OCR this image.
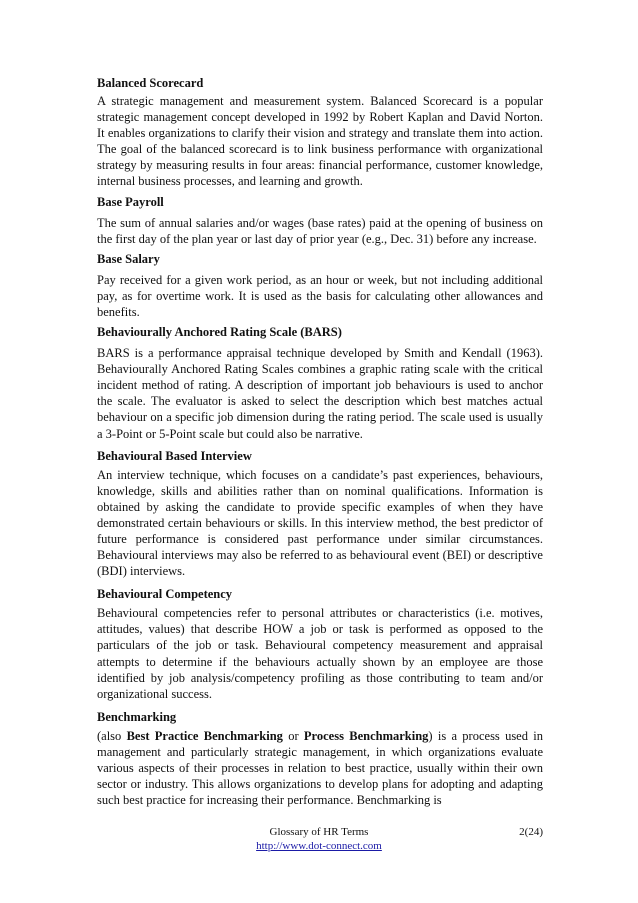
Balanced Scorecard

A strategic management and measurement system. Balanced Scorecard is a popular strategic management concept developed in 1992 by Robert Kaplan and David Norton. It enables organizations to clarify their vision and strategy and translate them into action. The goal of the balanced scorecard is to link business performance with organizational strategy by measuring results in four areas: financial performance, customer knowledge, internal business processes, and learning and growth.

Base Payroll

The sum of annual salaries and/or wages (base rates) paid at the opening of business on the first day of the plan year or last day of prior year (e.g., Dec. 31) before any increase.

Base Salary

Pay received for a given work period, as an hour or week, but not including additional pay, as for overtime work. It is used as the basis for calculating other allowances and benefits.

Behaviourally Anchored Rating Scale (BARS)

BARS is a performance appraisal technique developed by Smith and Kendall (1963). Behaviourally Anchored Rating Scales combines a graphic rating scale with the critical incident method of rating. A description of important job behaviours is used to anchor the scale. The evaluator is asked to select the description which best matches actual behaviour on a specific job dimension during the rating period. The scale used is usually a 3-Point or 5-Point scale but could also be narrative.

Behavioural Based Interview

An interview technique, which focuses on a candidate’s past experiences, behaviours, knowledge, skills and abilities rather than on nominal qualifications. Information is obtained by asking the candidate to provide specific examples of when they have demonstrated certain behaviours or skills. In this interview method, the best predictor of future performance is considered past performance under similar circumstances. Behavioural interviews may also be referred to as behavioural event (BEI) or descriptive (BDI) interviews.

Behavioural Competency

Behavioural competencies refer to personal attributes or characteristics (i.e. motives, attitudes, values) that describe HOW a job or task is performed as opposed to the particulars of the job or task. Behavioural competency measurement and appraisal attempts to determine if the behaviours actually shown by an employee are those identified by job analysis/competency profiling as those contributing to team and/or organizational success.

Benchmarking

(also Best Practice Benchmarking or Process Benchmarking) is a process used in management and particularly strategic management, in which organizations evaluate various aspects of their processes in relation to best practice, usually within their own sector or industry. This allows organizations to develop plans for adopting and adapting such best practice for increasing their performance. Benchmarking is

Glossary of HR Terms
http://www.dot-connect.com
2(24)
